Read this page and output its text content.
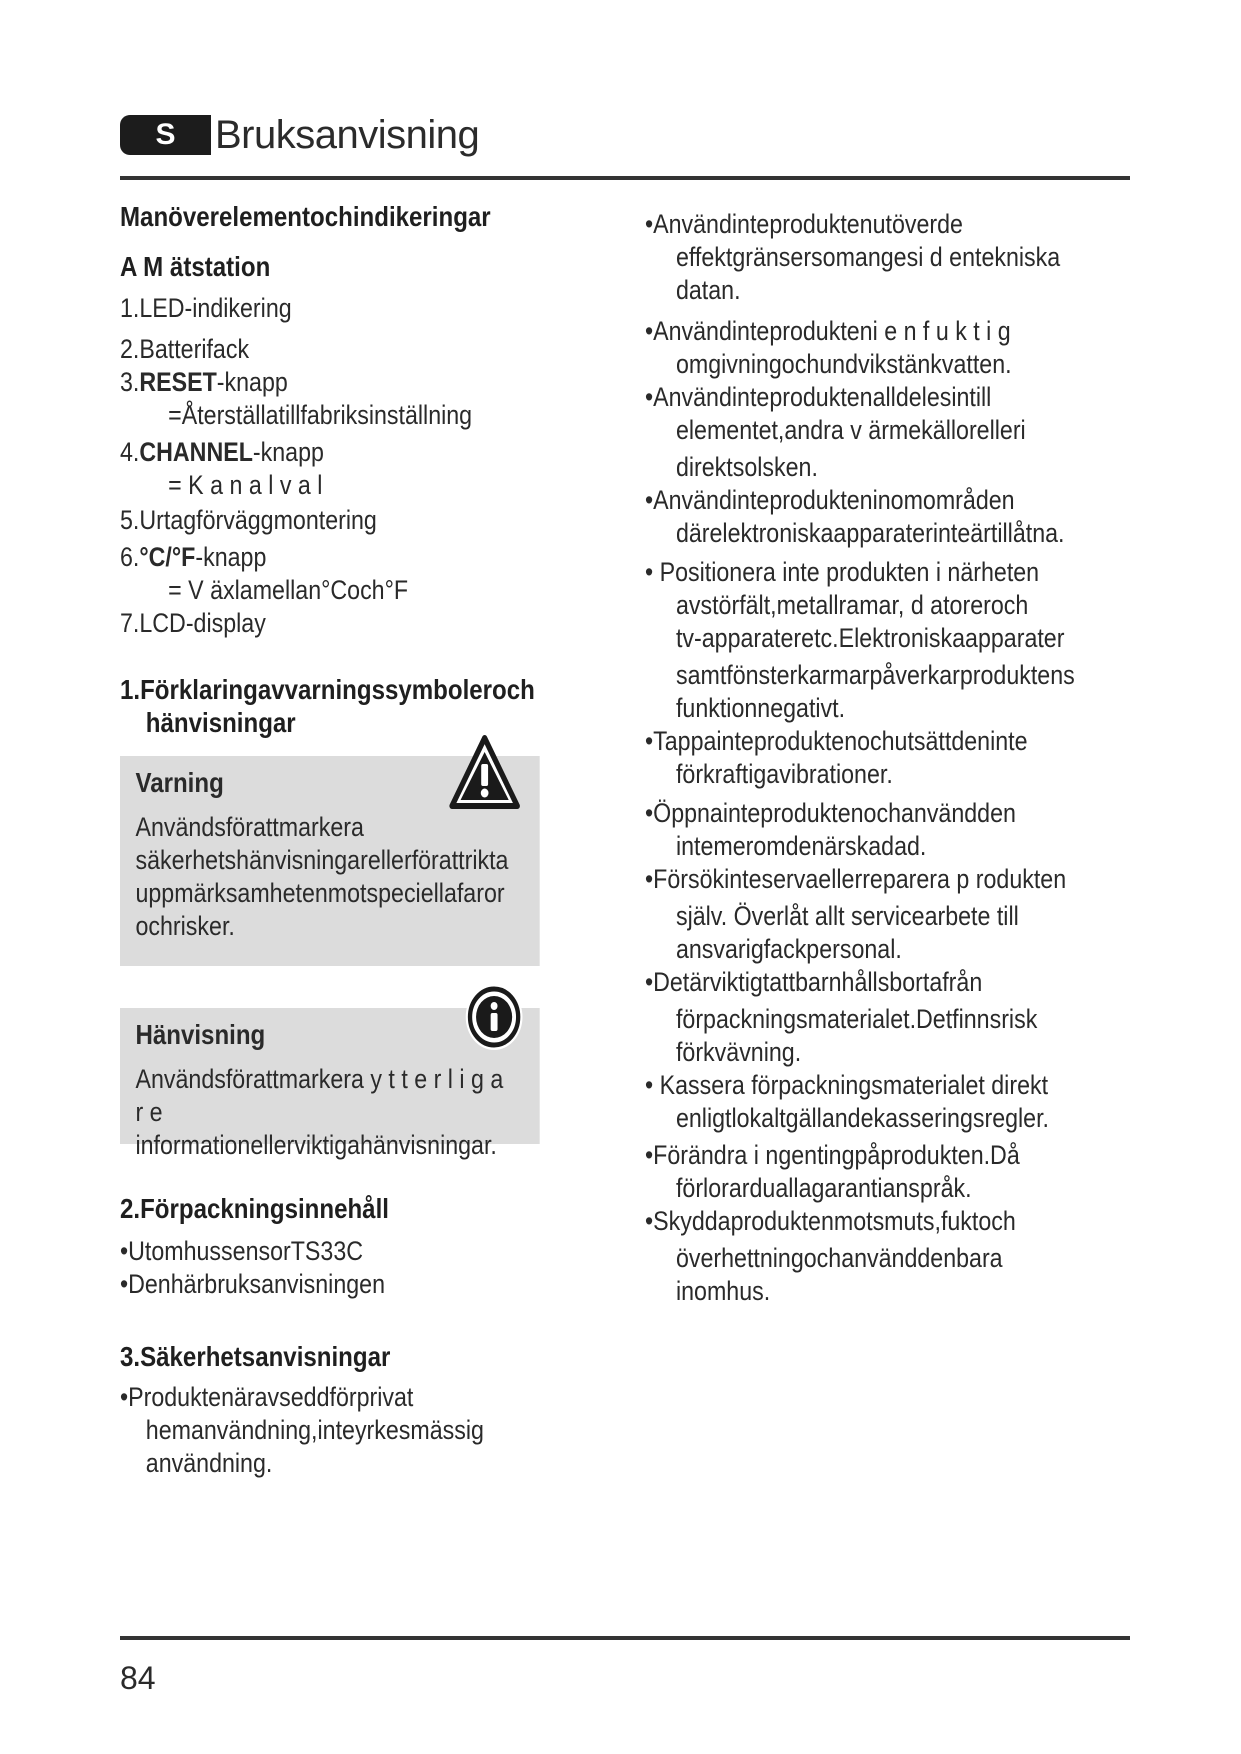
S Bruksanvisning
Manöverelementochindikeringar
A M ätstation
1.LED-indikering
2.Batterifack
3.RESET-knapp
=Återställatillfabriksinställning
4.CHANNEL-knapp
= K a n a l v a l
5.Urtagförväggmontering
6.°C/°F-knapp
= V äxlamellan°Coch°F
7.LCD-display
1.Förklaringavvarningssymboleroch
hänvisningar
Varning
Användsförattmarkera säkerhetshänvisningarellerförattrikta uppmärksamhetenmotspeciellafaror ochrisker.
Hänvisning
Användsförattmarkera y t t e r l i g a r e informationellerviktigahänvisningar.
2.Förpackningsinnehåll
•UtomhussensorTS33C
•Denhärbruksanvisningen
3.Säkerhetsanvisningar
•Produktenäravseddförprivat
hemanvändning,inteyrkesmässig
användning.
•Användinteproduktenutöverde
effektgränsersomangesi d entekniska
datan.
•Användinteprodukteni e n f u k t i g
omgivningochundvikstänkvatten.
•Användinteproduktenalldelesintill
elementet,andra v ärmekällorelleri
direktsolsken.
•Användinteprodukteninomområden
därelektroniskaapparaterinteärtillåtna.
• Positionera inte produkten i närheten
avstörfält,metallramar, d atoreroch
tv-apparateretc.Elektroniskaapparater
samtfönsterkarmarpåverkarproduktens
funktionnegativt.
•Tappainteproduktenochutsättdeninte
förkraftigavibrationer.
•Öppnainteproduktenochanvändden
intemeromdenärskadad.
•Försökinteservaellerreparera p rodukten
själv. Överlåt allt servicearbete till
ansvarigfackpersonal.
•Detärviktigtattbarnhållsbortafrån
förpackningsmaterialet.Detfinnsrisk
förkvävning.
• Kassera förpackningsmaterialet direkt
enligtlokaltgällandekasseringsregler.
•Förändra i ngentingpåprodukten.Då
förlorarduallagarantianspråk.
•Skyddaproduktenmotsmuts,fuktoch
överhettningochanvänddenbara
inomhus.
84
